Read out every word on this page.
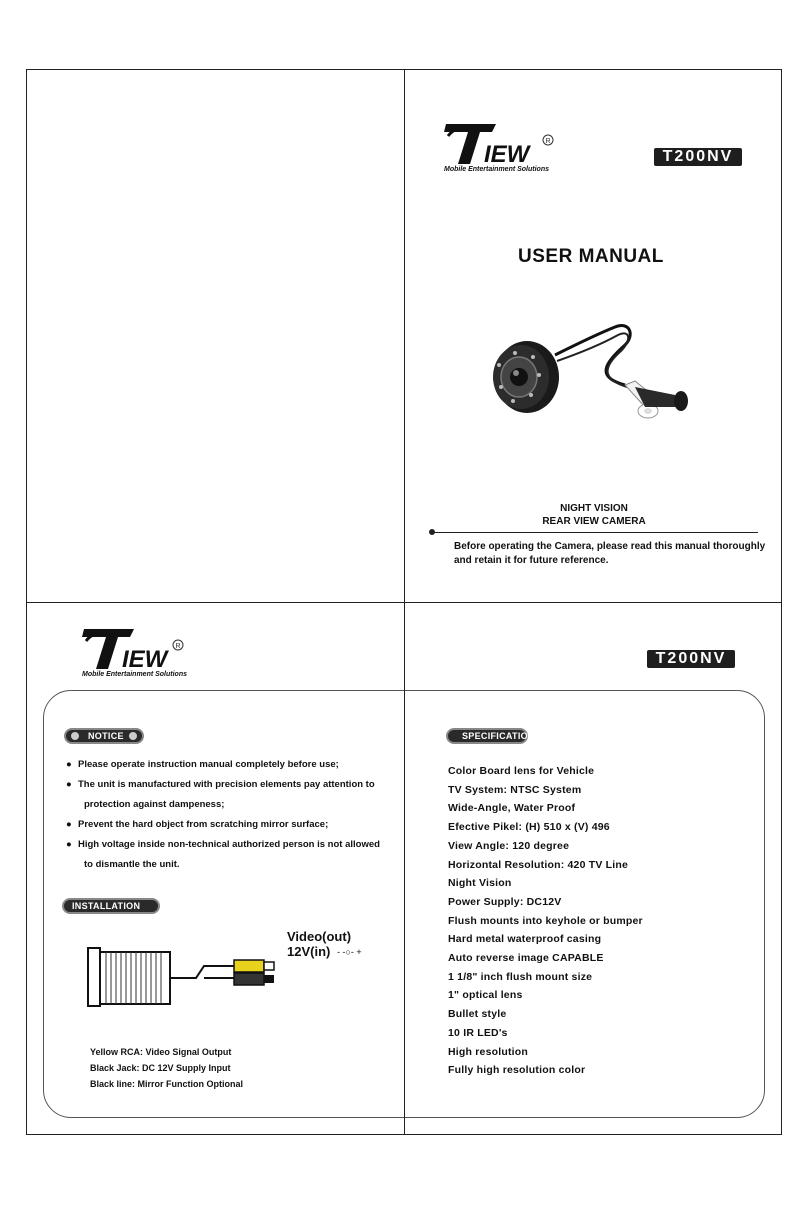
IEW	R
Mobile Entertainment Solutions
T200NV
USER MANUAL
NIGHT VISION
REAR VIEW CAMERA
Before operating the Camera, please read this manual thoroughly
and retain it for future reference.
IEW	R
Mobile Entertainment Solutions
T200NV
NOTICE
● Please operate instruction manual completely before use;
● The unit is manufactured with precision elements pay attention to
protection against dampeness;
● Prevent the hard object from scratching mirror surface;
● High voltage inside non-technical authorized person is not allowed
to dismantle the unit.
INSTALLATION DIAGRAM
Video(out)
12V(in) - -○- +
Yellow RCA: Video Signal Output
Black Jack: DC 12V Supply Input
Black line: Mirror Function Optional
SPECIFICATIONS
Color Board lens for Vehicle
TV System: NTSC System
Wide-Angle, Water Proof
Efective Pikel: (H) 510 x (V) 496
View Angle: 120 degree
Horizontal Resolution: 420 TV Line
Night Vision
Power Supply: DC12V
Flush mounts into keyhole or bumper
Hard metal waterproof casing
Auto reverse image CAPABLE
1 1/8" inch flush mount size
1" optical lens
Bullet style
10 IR LED's
High resolution
Fully high resolution color
